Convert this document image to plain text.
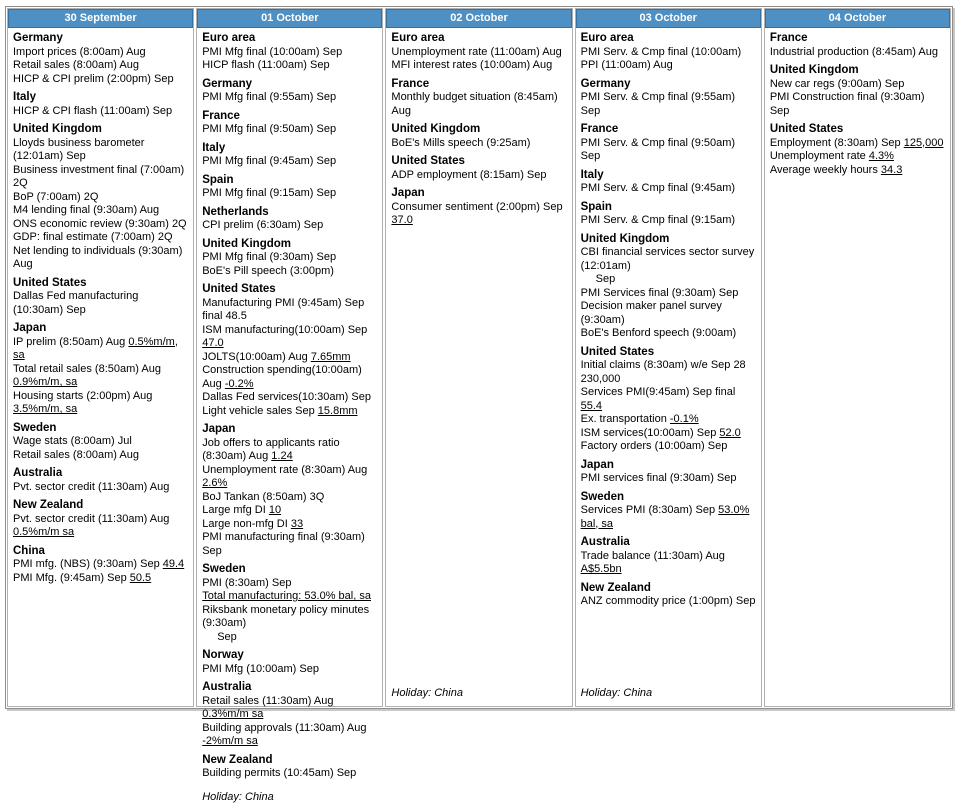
30 September
Germany
Import prices (8:00am) Aug
Retail sales (8:00am) Aug
HICP & CPI prelim (2:00pm) Sep
Italy
HICP & CPI flash (11:00am) Sep
United Kingdom
Lloyds business barometer (12:01am) Sep
Business investment final (7:00am) 2Q
BoP (7:00am) 2Q
M4 lending final (9:30am) Aug
ONS economic review (9:30am) 2Q
GDP: final estimate (7:00am) 2Q
Net lending to individuals (9:30am) Aug
United States
Dallas Fed manufacturing (10:30am) Sep
Japan
IP prelim (8:50am) Aug 0.5%m/m, sa
Total retail sales (8:50am) Aug 0.9%m/m, sa
Housing starts (2:00pm) Aug 3.5%m/m, sa
Sweden
Wage stats (8:00am) Jul
Retail sales (8:00am) Aug
Australia
Pvt. sector credit (11:30am) Aug
New Zealand
Pvt. sector credit (11:30am) Aug 0.5%m/m sa
China
PMI mfg. (NBS) (9:30am) Sep 49.4
PMI Mfg. (9:45am) Sep 50.5
01 October
Euro area
PMI Mfg final (10:00am) Sep
HICP flash (11:00am) Sep
Germany
PMI Mfg final (9:55am) Sep
France
PMI Mfg final (9:50am) Sep
Italy
PMI Mfg final (9:45am) Sep
Spain
PMI Mfg final (9:15am) Sep
Netherlands
CPI prelim (6:30am) Sep
United Kingdom
PMI Mfg final (9:30am) Sep
BoE's Pill speech (3:00pm)
United States
Manufacturing PMI (9:45am) Sep final 48.5
ISM manufacturing(10:00am) Sep 47.0
JOLTS(10:00am) Aug 7.65mm
Construction spending(10:00am) Aug -0.2%
Dallas Fed services(10:30am) Sep
Light vehicle sales Sep 15.8mm
Japan
Job offers to applicants ratio (8:30am) Aug 1.24
Unemployment rate (8:30am) Aug 2.6%
BoJ Tankan (8:50am) 3Q
Large mfg DI 10
Large non-mfg DI 33
PMI manufacturing final (9:30am) Sep
Sweden
PMI (8:30am) Sep
Total manufacturing: 53.0% bal, sa
Riksbank monetary policy minutes (9:30am)
Sep
Norway
PMI Mfg (10:00am) Sep
Australia
Retail sales (11:30am) Aug 0.3%m/m sa
Building approvals (11:30am) Aug -2%m/m sa
New Zealand
Building permits (10:45am) Sep
Holiday: China
02 October
Euro area
Unemployment rate (11:00am) Aug
MFI interest rates (10:00am) Aug
France
Monthly budget situation (8:45am) Aug
United Kingdom
BoE's Mills speech (9:25am)
United States
ADP employment (8:15am) Sep
Japan
Consumer sentiment (2:00pm) Sep 37.0
Holiday: China
03 October
Euro area
PMI Serv. & Cmp final (10:00am)
PPI (11:00am) Aug
Germany
PMI Serv. & Cmp final (9:55am) Sep
France
PMI Serv. & Cmp final (9:50am) Sep
Italy
PMI Serv. & Cmp final (9:45am)
Spain
PMI Serv. & Cmp final (9:15am)
United Kingdom
CBI financial services sector survey (12:01am)
Sep
PMI Services final (9:30am) Sep
Decision maker panel survey (9:30am)
BoE's Benford speech (9:00am)
United States
Initial claims (8:30am) w/e Sep 28 230,000
Services PMI(9:45am) Sep final 55.4
Ex. transportation -0.1%
ISM services(10:00am) Sep 52.0
Factory orders (10:00am) Sep
Japan
PMI services final (9:30am) Sep
Sweden
Services PMI (8:30am) Sep 53.0% bal, sa
Australia
Trade balance (11:30am) Aug A$5.5bn
New Zealand
ANZ commodity price (1:00pm) Sep
Holiday: China
04 October
France
Industrial production (8:45am) Aug
United Kingdom
New car regs (9:00am) Sep
PMI Construction final (9:30am) Sep
United States
Employment (8:30am) Sep 125,000
Unemployment rate 4.3%
Average weekly hours 34.3
